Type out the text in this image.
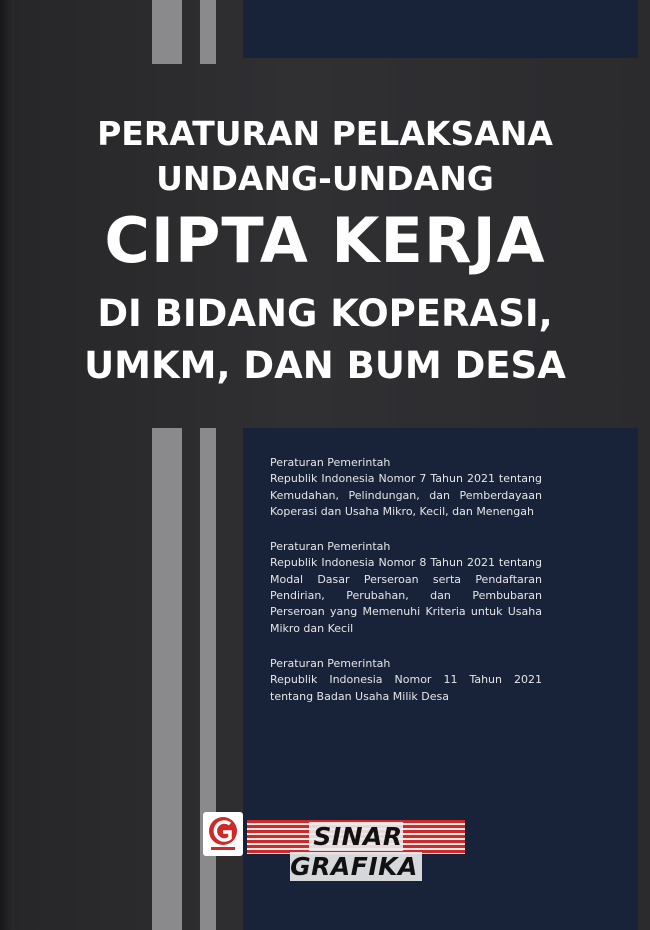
PERATURAN PELAKSANA
UNDANG-UNDANG
CIPTA KERJA
DI BIDANG KOPERASI,
UMKM, DAN BUM DESA

Peraturan Pemerintah

Republik Indonesia Nomor 7 Tahun 2021 tentang Kemudahan, Pelindungan, dan Pemberdayaan Koperasi dan Usaha Mikro, Kecil, dan Menengah

Peraturan Pemerintah

Republik Indonesia Nomor 8 Tahun 2021 tentang Modal Dasar Perseroan serta Pendaftaran Pendirian, Perubahan, dan Pembubaran Perseroan yang Memenuhi Kriteria untuk Usaha Mikro dan Kecil

Peraturan Pemerintah

Republik Indonesia Nomor 11 Tahun 2021 tentang Badan Usaha Milik Desa

SINAR GRAFIKA
